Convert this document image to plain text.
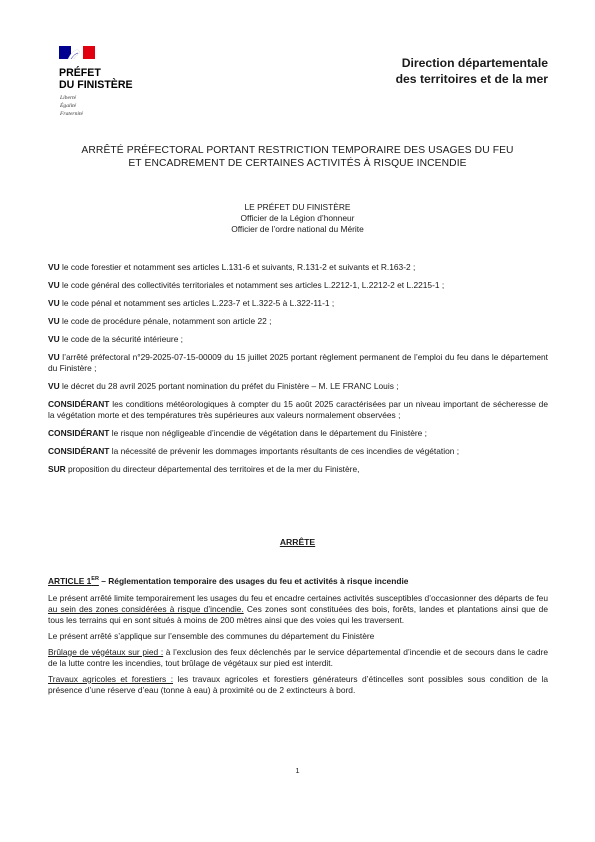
PRÉFET
DU FINISTÈRE
Liberté
Égalité
Fraternité
Direction départementale
des territoires et de la mer
ARRÊTÉ PRÉFECTORAL PORTANT RESTRICTION TEMPORAIRE DES USAGES DU FEU
ET ENCADREMENT DE CERTAINES ACTIVITÉS À RISQUE INCENDIE
LE PRÉFET DU FINISTÈRE
Officier de la Légion d’honneur
Officier de l’ordre national du Mérite

VU le code forestier et notamment ses articles L.131-6 et suivants, R.131-2 et suivants et R.163-2 ;

VU le code général des collectivités territoriales et notamment ses articles L.2212-1, L.2212-2 et L.2215-1 ;

VU le code pénal et notamment ses articles L.223-7 et L.322-5 à L.322-11-1 ;

VU le code de procédure pénale, notamment son article 22 ;

VU le code de la sécurité intérieure ;

VU l’arrêté préfectoral n°29-2025-07-15-00009 du 15 juillet 2025 portant règlement permanent de l’emploi du feu dans le département du Finistère ;

VU le décret du 28 avril 2025 portant nomination du préfet du Finistère – M. LE FRANC Louis ;

CONSIDÉRANT les conditions météorologiques à compter du 15 août 2025 caractérisées par un niveau important de sécheresse de la végétation morte et des températures très supérieures aux valeurs normalement observées ;

CONSIDÉRANT le risque non négligeable d’incendie de végétation dans le département du Finistère ;

CONSIDÉRANT la nécessité de prévenir les dommages importants résultants de ces incendies de végétation ;

SUR proposition du directeur départemental des territoires et de la mer du Finistère,

ARRÊTE
ARTICLE 1ER – Réglementation temporaire des usages du feu et activités à risque incendie

Le présent arrêté limite temporairement les usages du feu et encadre certaines activités susceptibles d’occasionner des départs de feu au sein des zones considérées à risque d’incendie. Ces zones sont constituées des bois, forêts, landes et plantations ainsi que de tous les terrains qui en sont situés à moins de 200 mètres ainsi que des voies qui les traversent.

Le présent arrêté s’applique sur l’ensemble des communes du département du Finistère

Brûlage de végétaux sur pied : à l’exclusion des feux déclenchés par le service départemental d’incendie et de secours dans le cadre de la lutte contre les incendies, tout brûlage de végétaux sur pied est interdit.

Travaux agricoles et forestiers : les travaux agricoles et forestiers générateurs d’étincelles sont possibles sous condition de la présence d’une réserve d’eau (tonne à eau) à proximité ou de 2 extincteurs à bord.

1
